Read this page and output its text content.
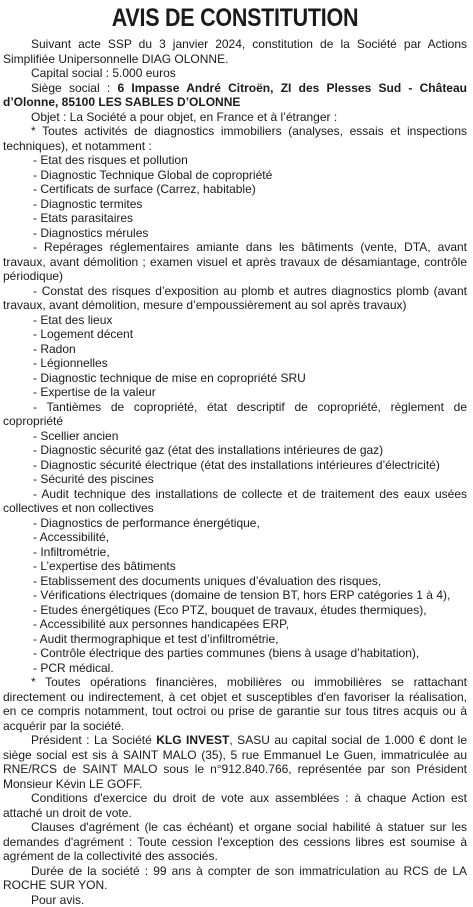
AVIS DE CONSTITUTION

Suivant acte SSP du 3 janvier 2024, constitution de la Société par Actions Simplifiée Unipersonnelle DIAG OLONNE.

Capital social : 5.000 euros

Siège social : 6 Impasse André Citroën, ZI des Plesses Sud - Château d’Olonne, 85100 LES SABLES D’OLONNE

Objet : La Société a pour objet, en France et à l’étranger :

* Toutes activités de diagnostics immobiliers (analyses, essais et inspections techniques), et notamment :

- Etat des risques et pollution
- Diagnostic Technique Global de copropriété
- Certificats de surface (Carrez, habitable)
- Diagnostic termites
- Etats parasitaires
- Diagnostics mérules
- Repérages réglementaires amiante dans les bâtiments (vente, DTA, avant travaux, avant démolition ; examen visuel et après travaux de désamiantage, contrôle périodique)
- Constat des risques d’exposition au plomb et autres diagnostics plomb (avant travaux, avant démolition, mesure d’empoussièrement au sol après travaux)
- Etat des lieux
- Logement décent
- Radon
- Légionnelles
- Diagnostic technique de mise en copropriété SRU
- Expertise de la valeur
- Tantièmes de copropriété, état descriptif de copropriété, règlement de copropriété
- Scellier ancien
- Diagnostic sécurité gaz (état des installations intérieures de gaz)
- Diagnostic sécurité électrique (état des installations intérieures d’électricité)
- Sécurité des piscines
- Audit technique des installations de collecte et de traitement des eaux usées collectives et non collectives
- Diagnostics de performance énergétique,
- Accessibilité,
- Infiltrométrie,
- L’expertise des bâtiments
- Etablissement des documents uniques d’évaluation des risques,
- Vérifications électriques (domaine de tension BT, hors ERP catégories 1 à 4),
- Etudes énergétiques (Eco PTZ, bouquet de travaux, études thermiques),
- Accessibilité aux personnes handicapées ERP,
- Audit thermographique et test d’infiltrométrie,
- Contrôle électrique des parties communes (biens à usage d’habitation),
- PCR médical.

* Toutes opérations financières, mobilières ou immobilières se rattachant directement ou indirectement, à cet objet et susceptibles d'en favoriser la réalisation, en ce compris notamment, tout octroi ou prise de garantie sur tous titres acquis ou à acquérir par la société.

Président : La Société KLG INVEST, SASU au capital social de 1.000 € dont le siège social est sis à SAINT MALO (35), 5 rue Emmanuel Le Guen, immatriculée au RNE/RCS de SAINT MALO sous le n°912.840.766, représentée par son Président Monsieur Kévin LE GOFF.

Conditions d'exercice du droit de vote aux assemblées : à chaque Action est attaché un droit de vote.

Clauses d'agrément (le cas échéant) et organe social habilité à statuer sur les demandes d'agrément : Toute cession l'exception des cessions libres est soumise à agrément de la collectivité des associés.

Durée de la société : 99 ans à compter de son immatriculation au RCS de LA ROCHE SUR YON.

Pour avis.
